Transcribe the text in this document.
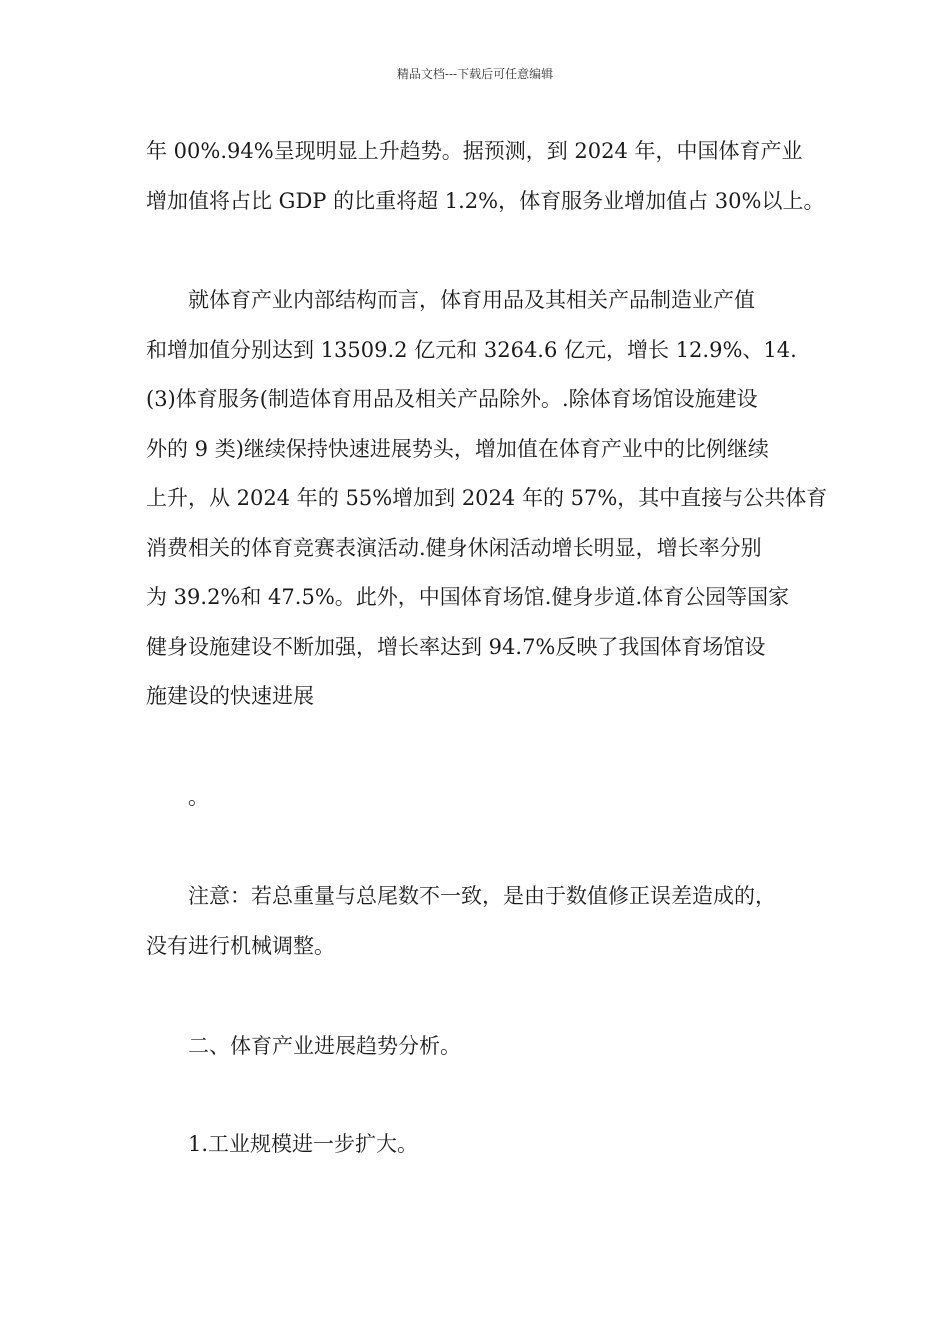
精品文档---下载后可任意编辑
年 00%.94%呈现明显上升趋势。据预测，到 2024 年，中国体育产业
增加值将占比 GDP 的比重将超 1.2%，体育服务业增加值占 30%以上。
　　就体育产业内部结构而言，体育用品及其相关产品制造业产值
和增加值分别达到 13509.2 亿元和 3264.6 亿元，增长 12.9%、14.
(3)体育服务(制造体育用品及相关产品除外。.除体育场馆设施建设
外的 9 类)继续保持快速进展势头，增加值在体育产业中的比例继续
上升，从 2024 年的 55%增加到 2024 年的 57%，其中直接与公共体育
消费相关的体育竞赛表演活动.健身休闲活动增长明显，增长率分别
为 39.2%和 47.5%。此外，中国体育场馆.健身步道.体育公园等国家
健身设施建设不断加强，增长率达到 94.7%反映了我国体育场馆设
施建设的快速进展
　　。
　　注意：若总重量与总尾数不一致，是由于数值修正误差造成的，
没有进行机械调整。
　　二、体育产业进展趋势分析。
　　1.工业规模进一步扩大。
